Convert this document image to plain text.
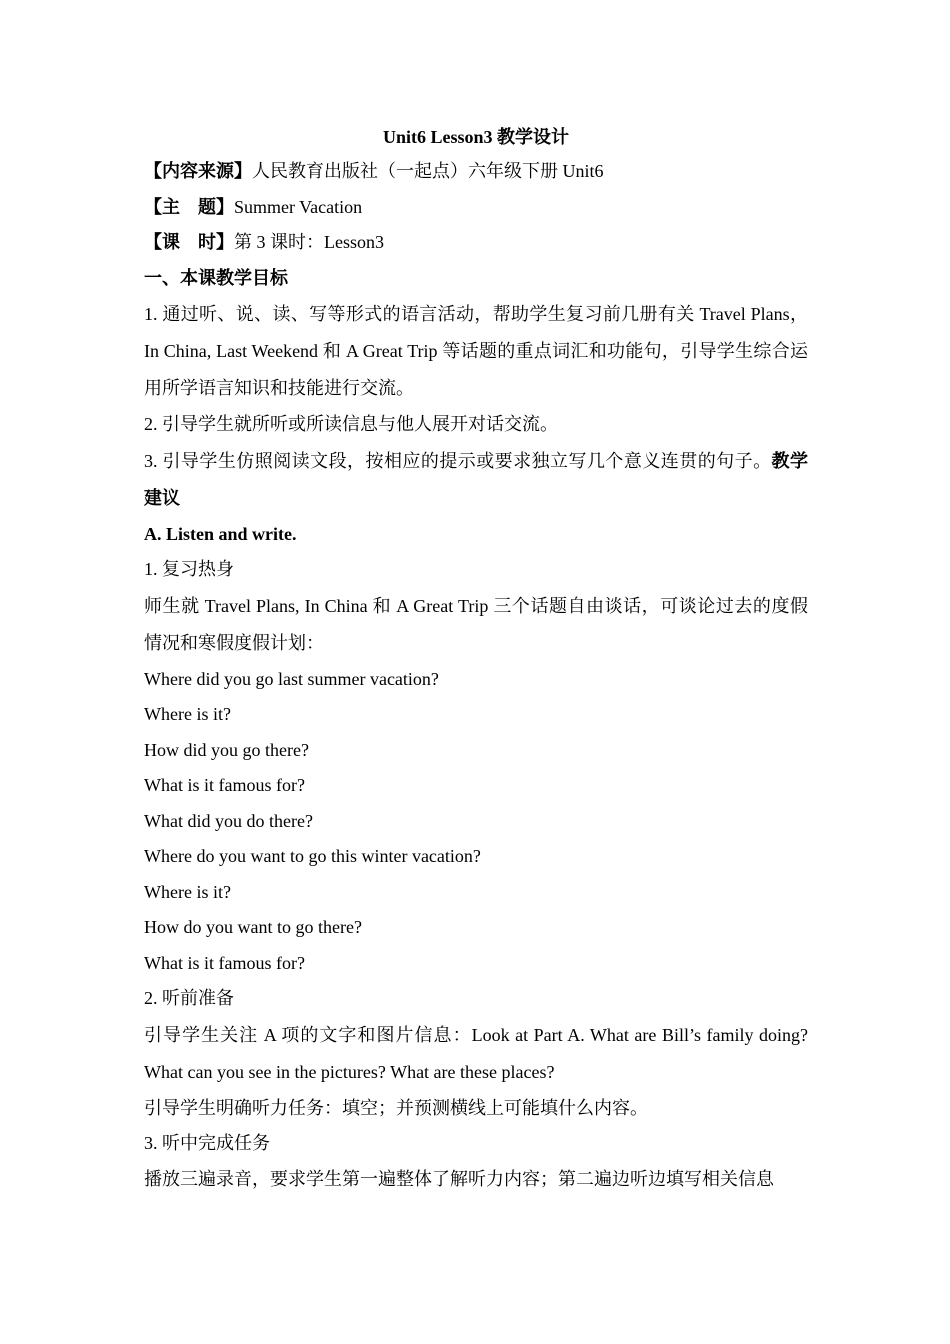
Unit6 Lesson3 教学设计

【内容来源】人民教育出版社（一起点）六年级下册 Unit6

【主    题】Summer Vacation

【课    时】第 3 课时：Lesson3

一、本课教学目标

1. 通过听、说、读、写等形式的语言活动，帮助学生复习前几册有关 Travel Plans，In China, Last Weekend 和 A Great Trip 等话题的重点词汇和功能句，引导学生综合运用所学语言知识和技能进行交流。

2. 引导学生就所听或所读信息与他人展开对话交流。

3. 引导学生仿照阅读文段，按相应的提示或要求独立写几个意义连贯的句子。教学建议

A. Listen and write.

1. 复习热身

师生就 Travel Plans, In China 和 A Great Trip 三个话题自由谈话，可谈论过去的度假情况和寒假度假计划：

Where did you go last summer vacation?

Where is it?

How did you go there?

What is it famous for?

What did you do there?

Where do you want to go this winter vacation?

Where is it?

How do you want to go there?

What is it famous for?

2. 听前准备

引导学生关注 A 项的文字和图片信息：Look at Part A. What are Bill’s family doing? What can you see in the pictures? What are these places?

引导学生明确听力任务：填空；并预测横线上可能填什么内容。

3. 听中完成任务

播放三遍录音，要求学生第一遍整体了解听力内容；第二遍边听边填写相关信息
